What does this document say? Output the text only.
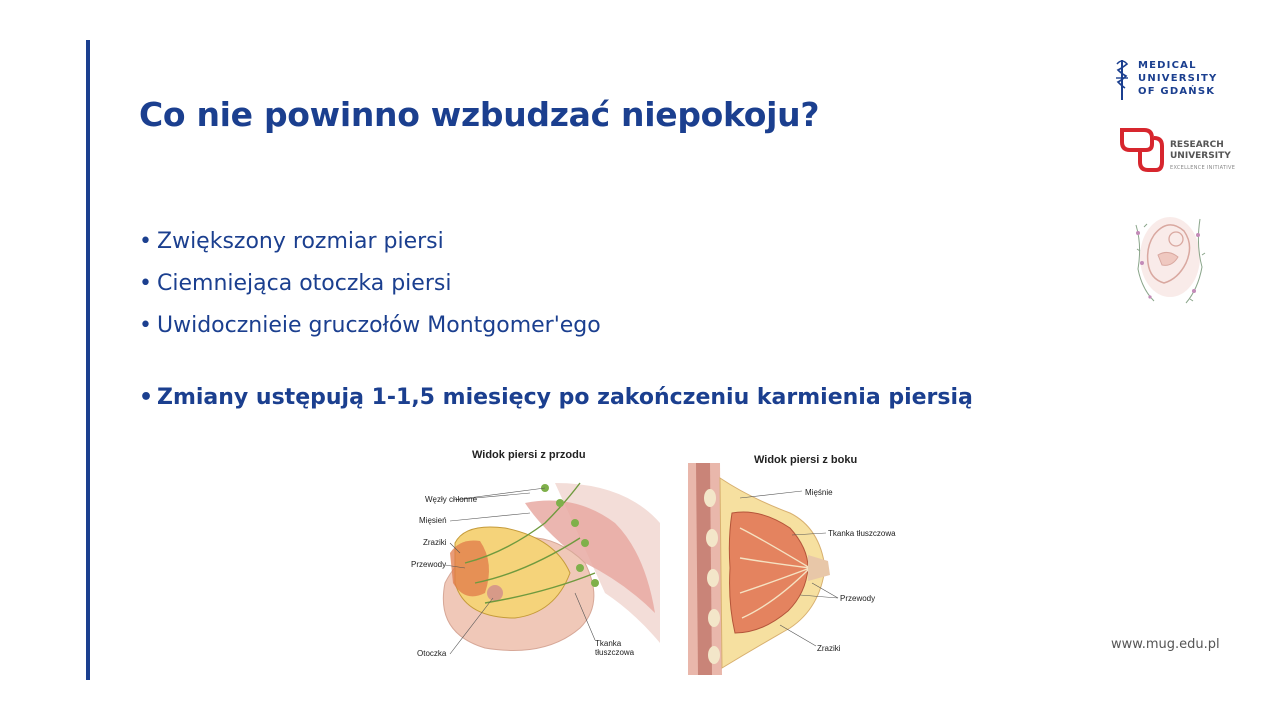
Co nie powinno wzbudzać niepokoju?
• Zwiększony rozmiar piersi
• Ciemniejąca otoczka piersi
• Uwidocznieie gruczołów Montgomer'ego
• Zmiany ustępują 1-1,5 miesięcy po zakończeniu karmienia piersią
MEDICAL
UNIVERSITY
OF GDAŃSK
RESEARCH
UNIVERSITY
EXCELLENCE INITIATIVE
Widok piersi z przodu
Węzły chłonne
Mięsień
Zraziki
Przewody
Otoczka
Tkanka
tłuszczowa
Widok piersi z boku
Mięśnie
Tkanka tłuszczowa
Przewody
Zraziki	www.mug.edu.pl
